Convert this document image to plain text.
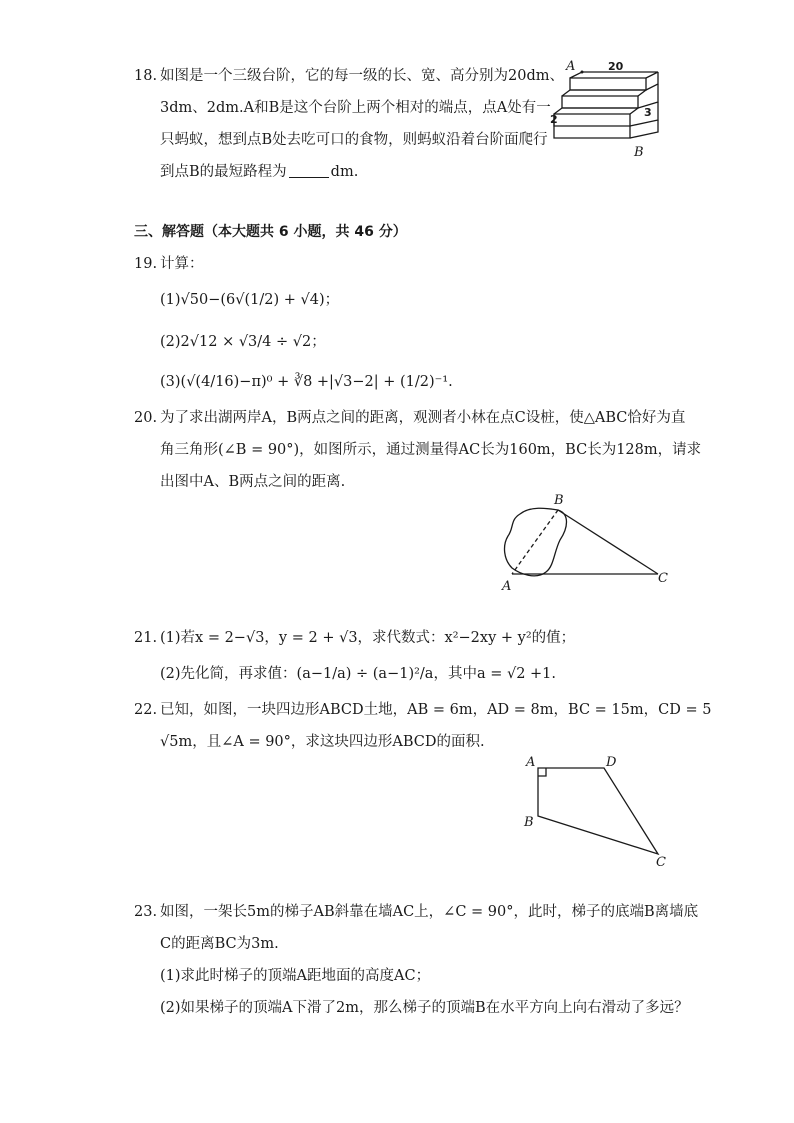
18. 如图是一个三级台阶，它的每一级的长、宽、高分别为20dm、
3dm、2dm.A和B是这个台阶上两个相对的端点，点A处有一
只蚂蚁，想到点B处去吃可口的食物，则蚂蚁沿着台阶面爬行
到点B的最短路程为	dm.
A	20
2
3
B
三、解答题（本大题共 6 小题，共 46 分）
19. 计算：
(1)√50−(6√(1/2) + √4)；
(2)2√12 × √3/4 ÷ √2；
(3)(√(4/16)−π)⁰ + ∛8 +|√3−2| + (1/2)⁻¹.
20. 为了求出湖两岸A，B两点之间的距离，观测者小林在点C设桩，使△ABC恰好为直
角三角形(∠B = 90°)，如图所示，通过测量得AC长为160m，BC长为128m，请求
出图中A、B两点之间的距离.
B
A
C
21. (1)若x = 2−√3，y = 2 + √3，求代数式：x²−2xy + y²的值；
(2)先化简，再求值：(a−1/a) ÷ (a−1)²/a，其中a = √2 +1.
22. 已知，如图，一块四边形ABCD土地，AB = 6m，AD = 8m，BC = 15m，CD = 5
√5m，且∠A = 90°，求这块四边形ABCD的面积.
A	D
B
C
23. 如图，一架长5m的梯子AB斜靠在墙AC上，∠C = 90°，此时，梯子的底端B离墙底
C的距离BC为3m.
(1)求此时梯子的顶端A距地面的高度AC；
(2)如果梯子的顶端A下滑了2m，那么梯子的顶端B在水平方向上向右滑动了多远？
